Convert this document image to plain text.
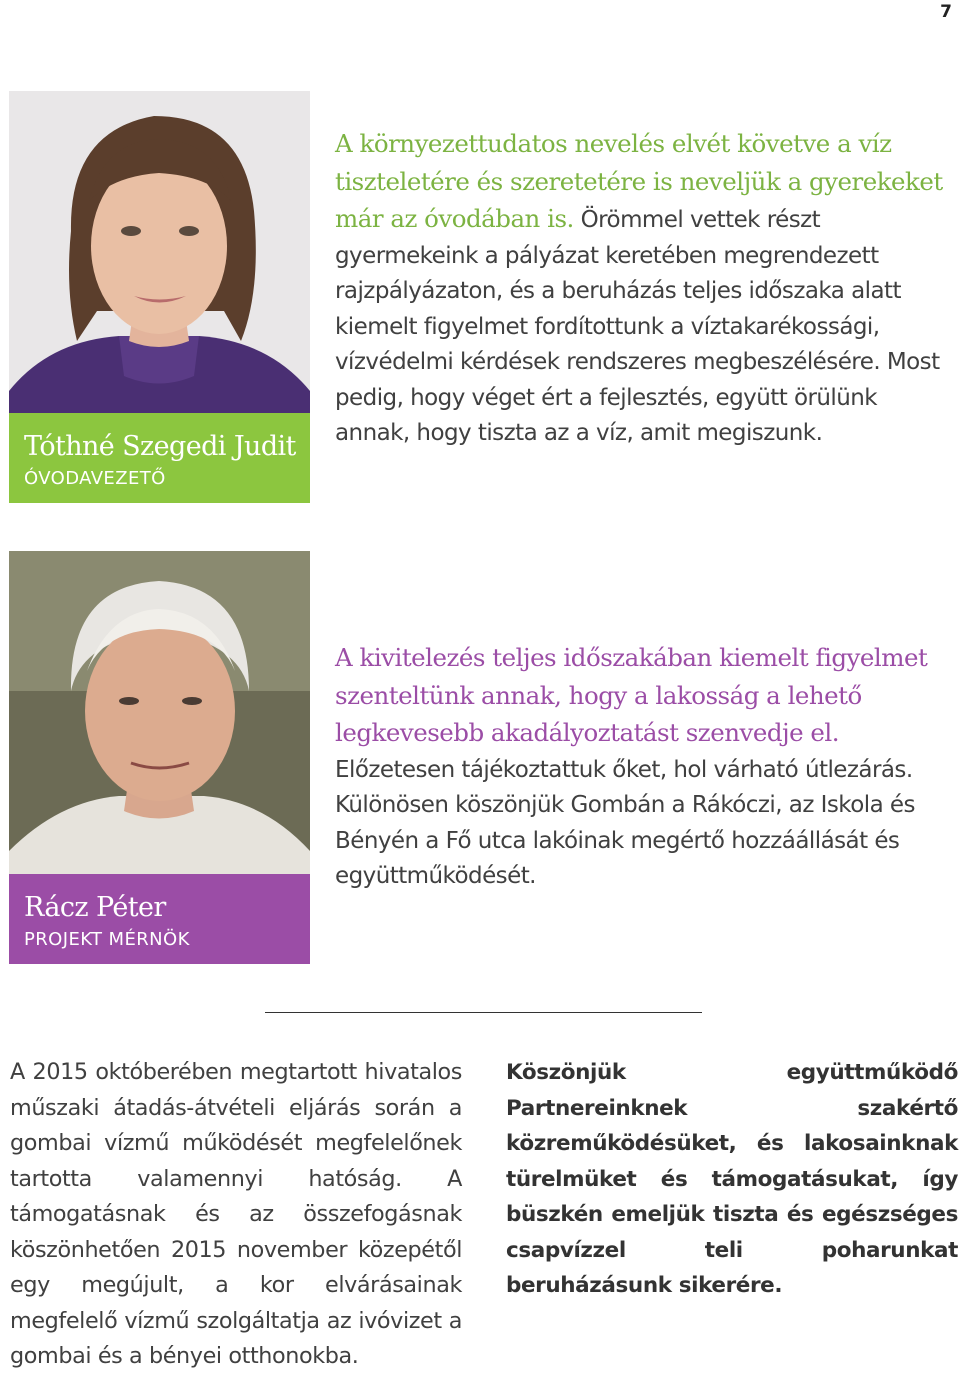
7
Tóthné Szegedi Judit
ÓVODAVEZETŐ
A környezettudatos nevelés elvét követve a víz tiszteletére és szeretetére is neveljük a gyerekeket már az óvodában is. Örömmel vettek részt gyermekeink a pályázat keretében megrendezett rajzpályázaton, és a beruházás teljes időszaka alatt kiemelt figyelmet fordítottunk a víztakarékossági, vízvédelmi kérdések rendszeres megbeszélésére. Most pedig, hogy véget ért a fejlesztés, együtt örülünk annak, hogy tiszta az a víz, amit megiszunk.
Rácz Péter
PROJEKT MÉRNÖK
A kivitelezés teljes időszakában kiemelt figyelmet szenteltünk annak, hogy a lakosság a lehető legkevesebb akadályoztatást szenvedje el. Előzetesen tájékoztattuk őket, hol várható útlezárás. Különösen köszönjük Gombán a Rákóczi, az Iskola és Bényén a Fő utca lakóinak megértő hozzáállását és együttműködését.
A 2015 októberében megtartott hivatalos műszaki átadás-átvételi eljárás során a gombai vízmű működését megfelelőnek tartotta valamennyi hatóság. A támogatásnak és az összefogásnak köszönhetően 2015 november közepétől egy megújult, a kor elvárásainak megfelelő vízmű szolgáltatja az ivóvizet a gombai és a bényei otthonokba.
Köszönjük együttműködő Partnereinknek szakértő közreműködésüket, és lakosainknak türelmüket és támogatásukat, így büszkén emeljük tiszta és egészséges csapvízzel teli poharunkat beruházásunk sikerére.
